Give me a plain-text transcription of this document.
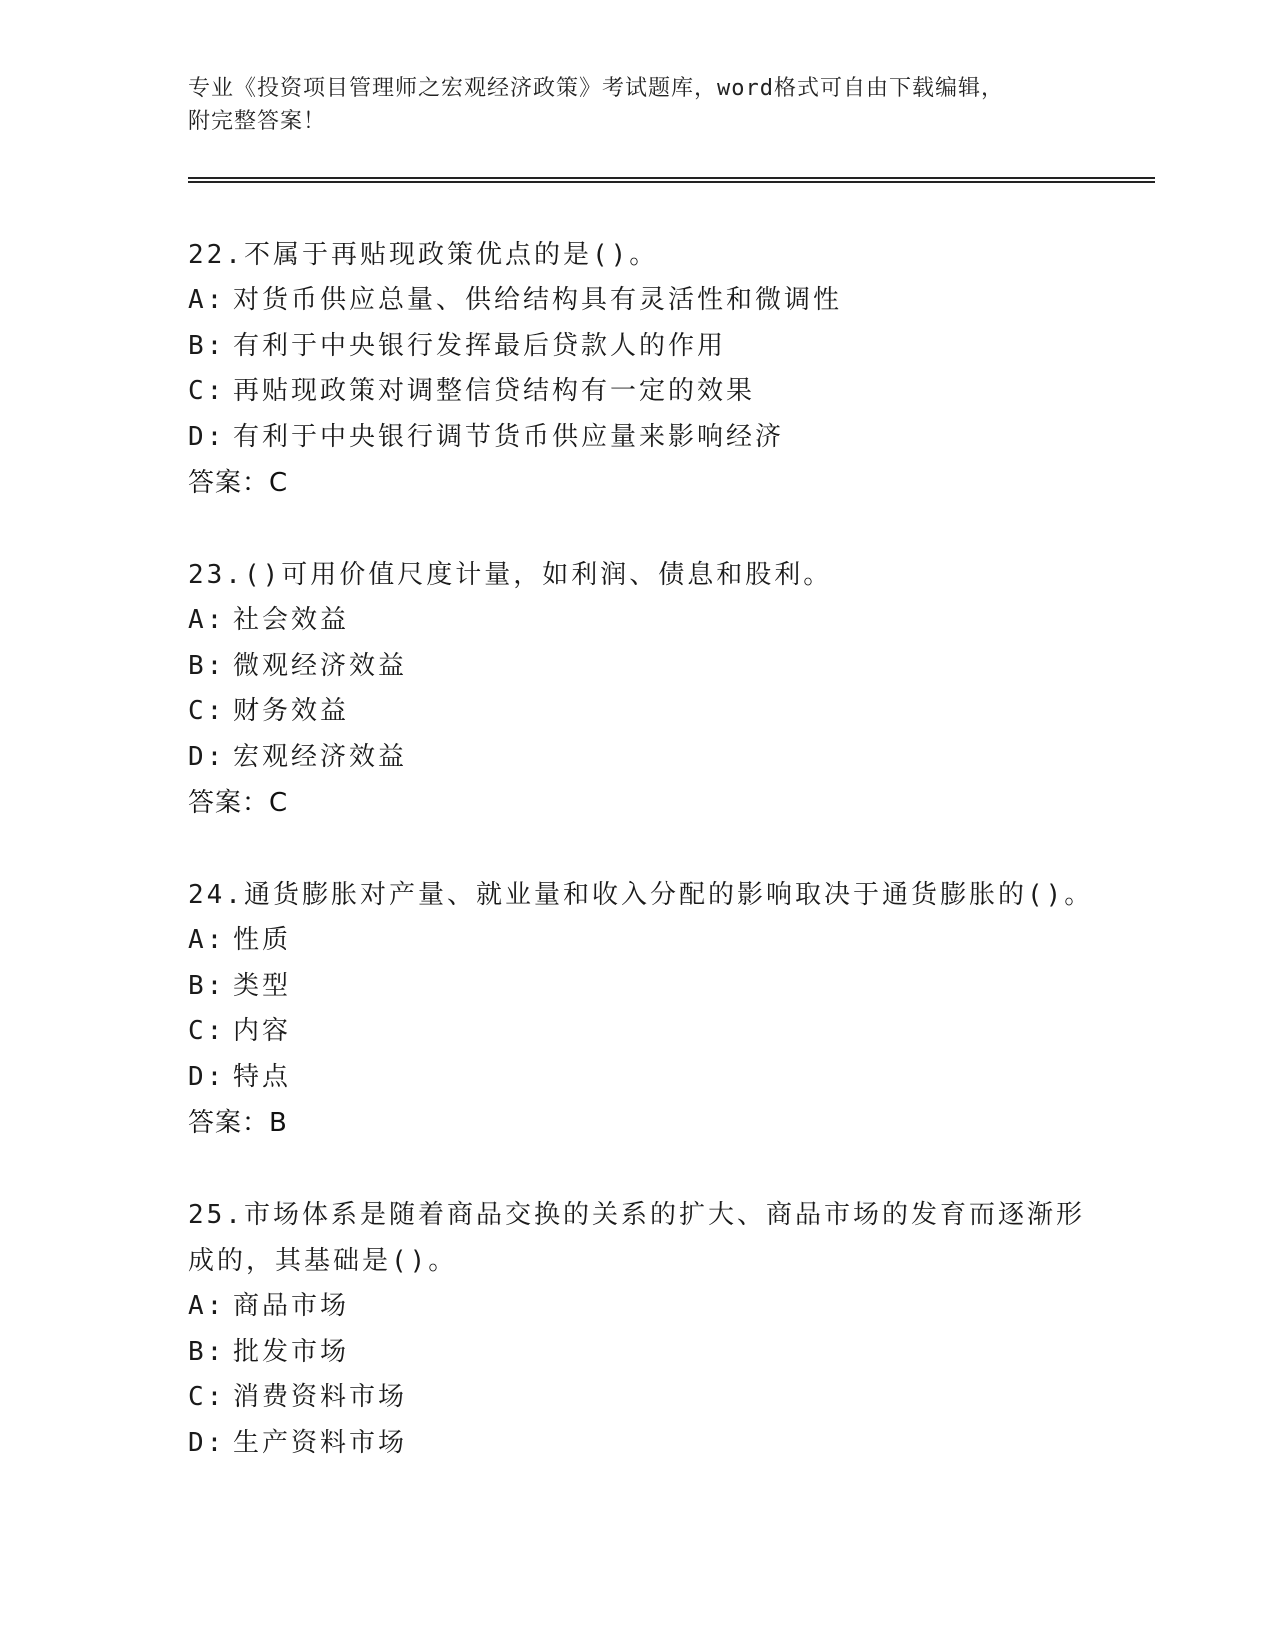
专业《投资项目管理师之宏观经济政策》考试题库，word格式可自由下载编辑，
附完整答案！

22.不属于再贴现政策优点的是()。

A: 对货币供应总量、供给结构具有灵活性和微调性

B: 有利于中央银行发挥最后贷款人的作用

C: 再贴现政策对调整信贷结构有一定的效果

D: 有利于中央银行调节货币供应量来影响经济

答案：C

23.()可用价值尺度计量，如利润、债息和股利。

A: 社会效益

B: 微观经济效益

C: 财务效益

D: 宏观经济效益

答案：C

24.通货膨胀对产量、就业量和收入分配的影响取决于通货膨胀的()。

A: 性质

B: 类型

C: 内容

D: 特点

答案：B

25.市场体系是随着商品交换的关系的扩大、商品市场的发育而逐渐形成的，其基础是()。

A: 商品市场

B: 批发市场

C: 消费资料市场

D: 生产资料市场
